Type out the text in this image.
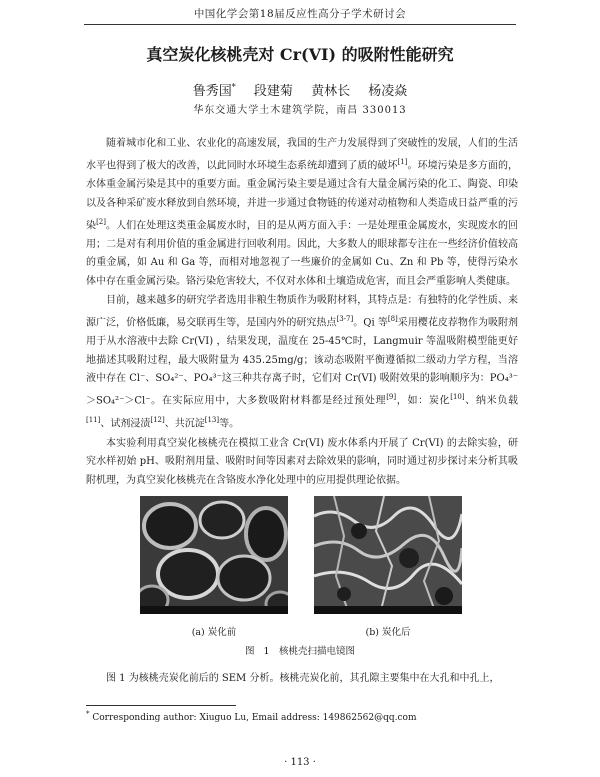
中国化学会第18届反应性高分子学术研讨会
真空炭化核桃壳对 Cr(VI) 的吸附性能研究
鲁秀国* 段建菊 黄林长 杨凌焱
华东交通大学土木建筑学院，南昌 330013

随着城市化和工业、农业化的高速发展，我国的生产力发展得到了突破性的发展，人们的生活水平也得到了极大的改善，以此同时水环境生态系统却遭到了质的破坏[1]。环境污染是多方面的，水体重金属污染是其中的重要方面。重金属污染主要是通过含有大量金属污染的化工、陶瓷、印染以及各种采矿废水释放到自然环境，并进一步通过食物链的传递对动植物和人类造成日益严重的污染[2]。人们在处理这类重金属废水时，目的是从两方面入手：一是处理重金属废水，实现废水的回用；二是对有利用价值的重金属进行回收利用。因此，大多数人的眼球都专注在一些经济价值较高的重金属，如 Au 和 Ga 等，而相对地忽视了一些廉价的金属如 Cu、Zn 和 Pb 等，使得污染水体中存在重金属污染。铬污染危害较大，不仅对水体和土壤造成危害，而且会严重影响人类健康。

目前，越来越多的研究学者选用非粮生物质作为吸附材料，其特点是：有独特的化学性质、来源广泛，价格低廉，易交联再生等，是国内外的研究热点[3-7]。Qi 等[8]采用樱花皮荐物作为吸附剂用于从水溶液中去除 Cr(VI) ，结果发现，温度在 25-45℃时，Langmuir 等温吸附模型能更好地描述其吸附过程，最大吸附量为 435.25mg/g；该动态吸附平衡遵循拟二级动力学方程，当溶液中存在 Cl⁻、SO₄²⁻、PO₄³⁻这三种共存离子时，它们对 Cr(VI) 吸附效果的影响顺序为：PO₄³⁻＞SO₄²⁻＞Cl⁻。在实际应用中，大多数吸附材料都是经过预处理[9]，如：炭化[10]、纳米负载[11]、试剂浸渍[12]、共沉淀[13]等。

本实验利用真空炭化核桃壳在模拟工业含 Cr(VI) 废水体系内开展了 Cr(VI) 的去除实验，研究水样初始 pH、吸附剂用量、吸附时间等因素对去除效果的影响，同时通过初步探讨来分析其吸附机理，为真空炭化核桃壳在含铬废水净化处理中的应用提供理论依据。

(a) 炭化前	(b) 炭化后
图 1　核桃壳扫描电镜图
图 1 为核桃壳炭化前后的 SEM 分析。核桃壳炭化前，其孔隙主要集中在大孔和中孔上，
* Corresponding author: Xiuguo Lu, Email address: 149862562@qq.com
· 113 ·
